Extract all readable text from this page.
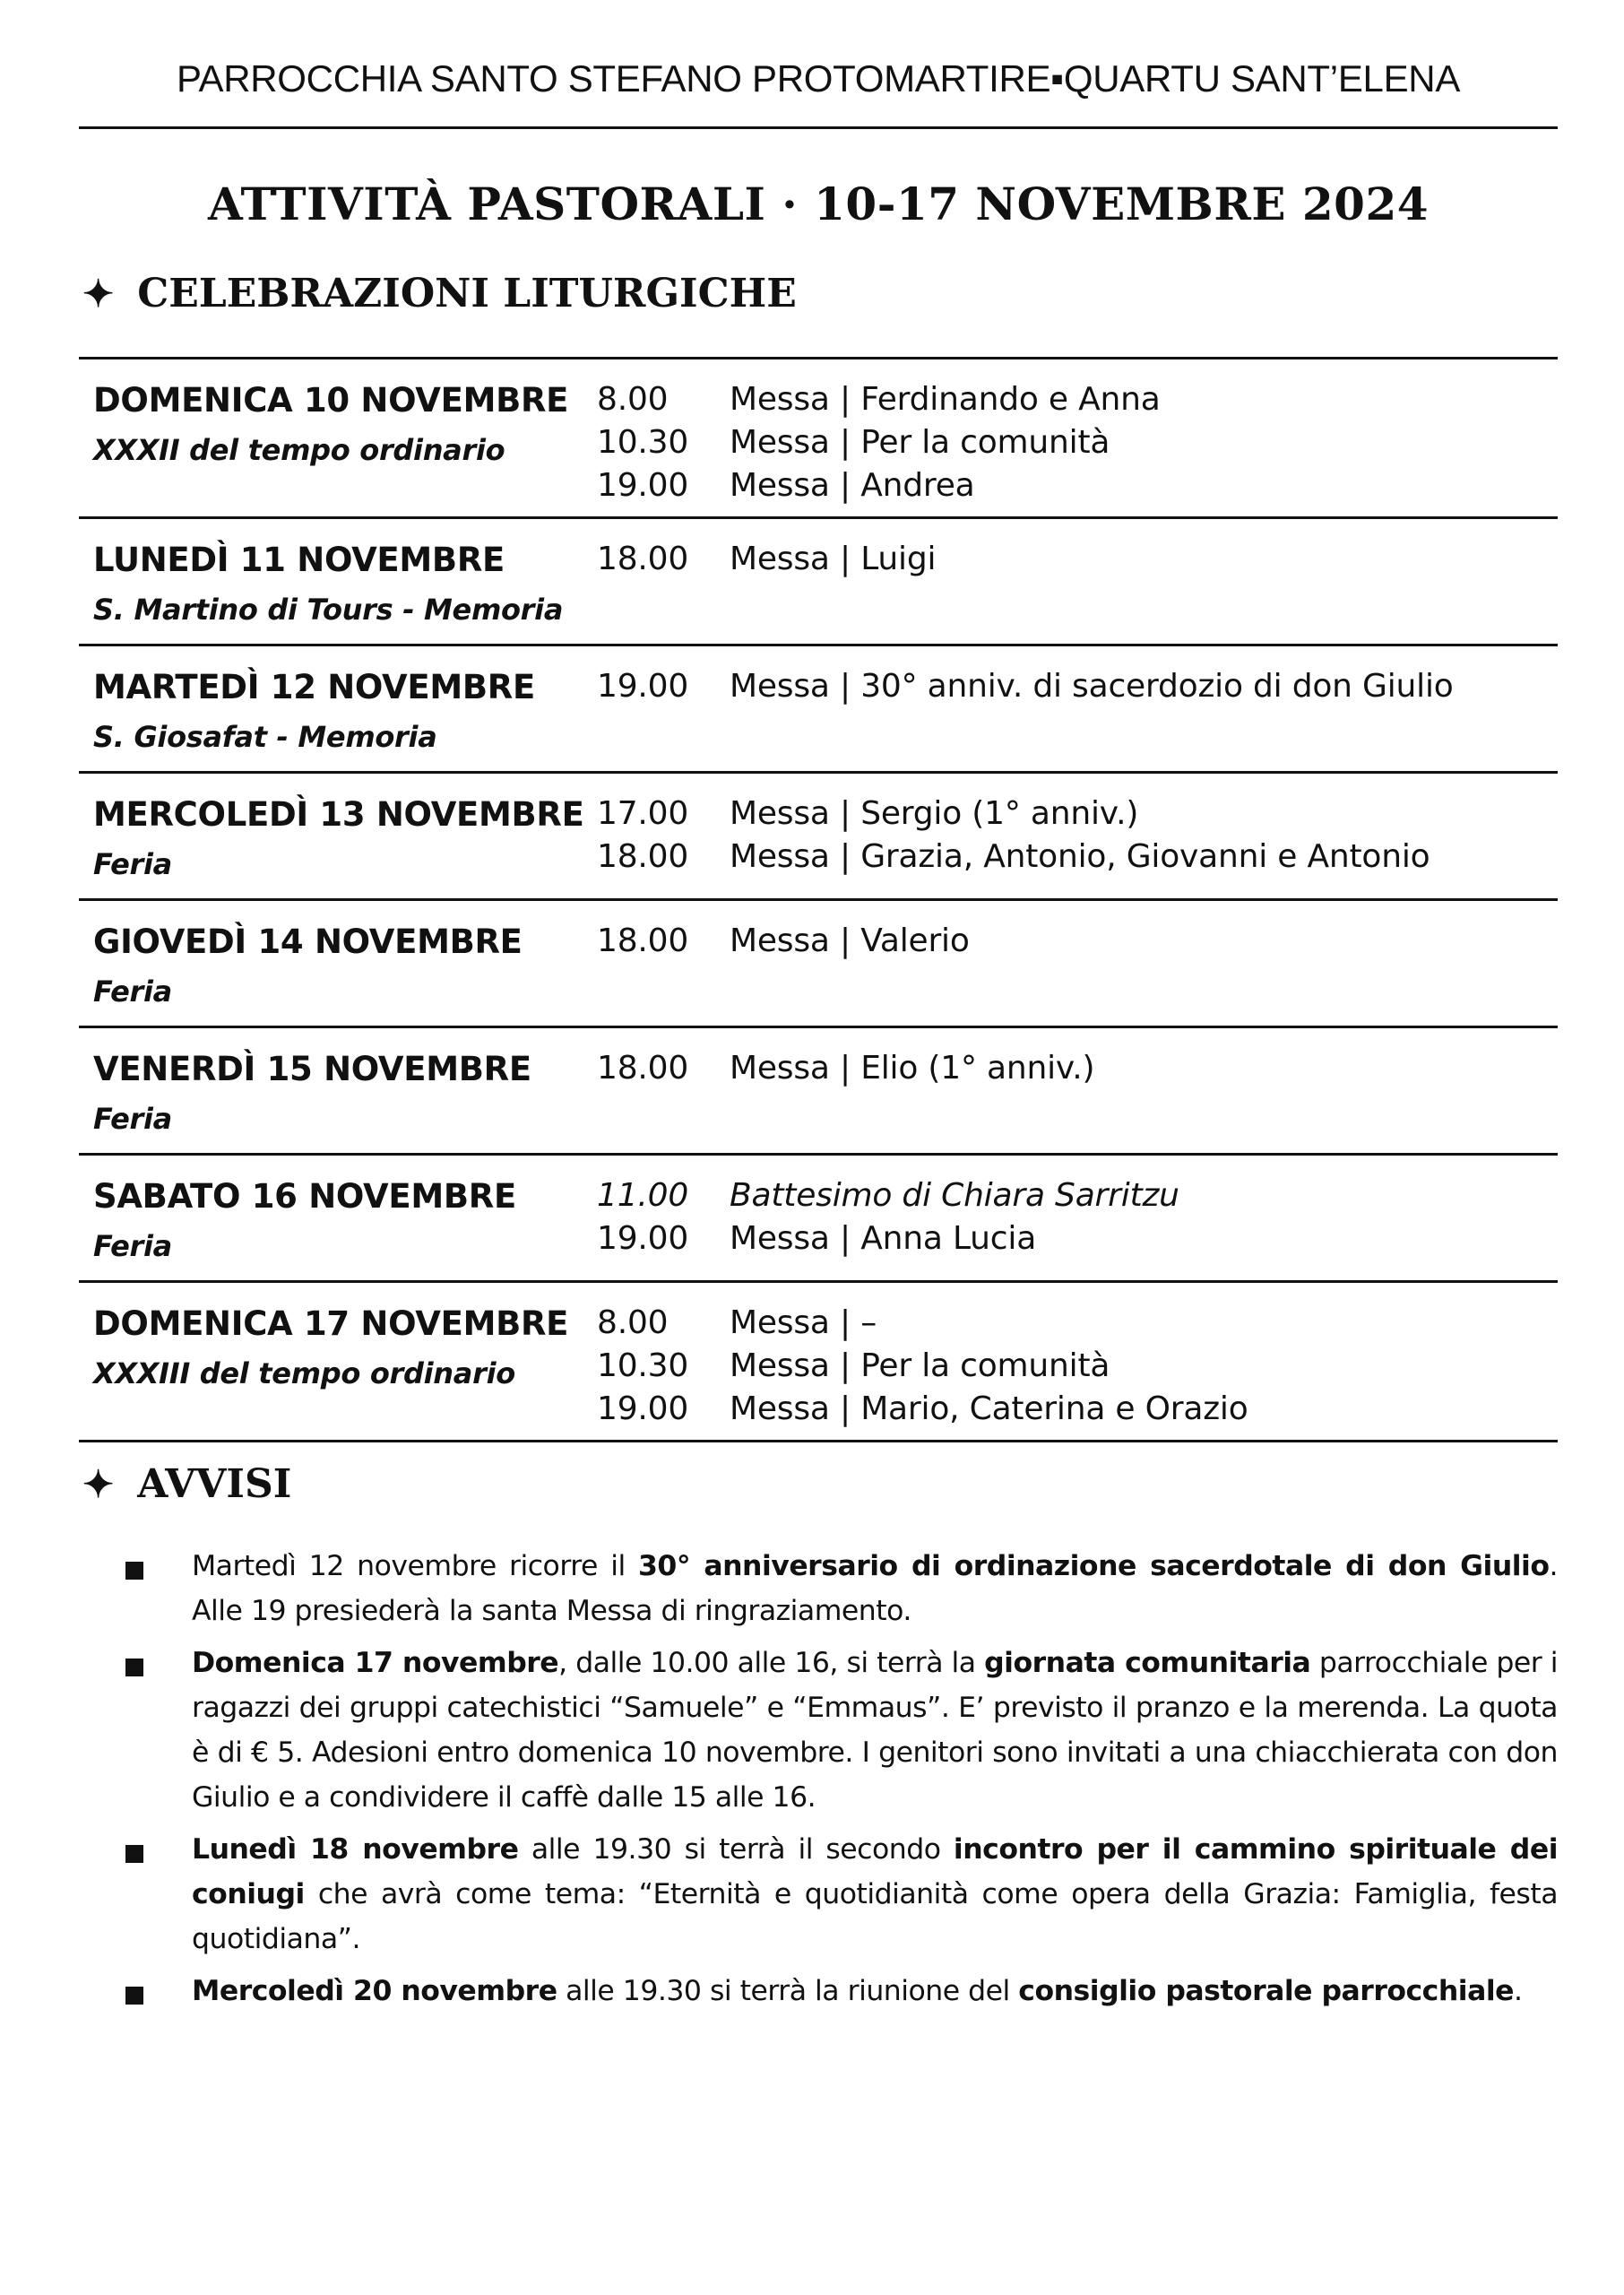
PARROCCHIA SANTO STEFANO PROTOMARTIRE▪QUARTU SANT’ELENA
ATTIVITÀ PASTORALI · 10-17 NOVEMBRE 2024
✦ CELEBRAZIONI LITURGICHE
DOMENICA 10 NOVEMBRE
XXXII del tempo ordinario
8.00	Messa | Ferdinando e Anna
10.30	Messa | Per la comunità
19.00	Messa | Andrea
LUNEDÌ 11 NOVEMBRE
S. Martino di Tours - Memoria
18.00	Messa | Luigi
MARTEDÌ 12 NOVEMBRE
S. Giosafat - Memoria
19.00	Messa | 30° anniv. di sacerdozio di don Giulio
MERCOLEDÌ 13 NOVEMBRE
Feria
17.00	Messa | Sergio (1° anniv.)
18.00	Messa | Grazia, Antonio, Giovanni e Antonio
GIOVEDÌ 14 NOVEMBRE
Feria
18.00	Messa | Valerio
VENERDÌ 15 NOVEMBRE
Feria
18.00	Messa | Elio (1° anniv.)
SABATO 16 NOVEMBRE
Feria
11.00	Battesimo di Chiara Sarritzu
19.00	Messa | Anna Lucia
DOMENICA 17 NOVEMBRE
XXXIII del tempo ordinario
8.00	Messa | –
10.30	Messa | Per la comunità
19.00	Messa | Mario, Caterina e Orazio
✦ AVVISI
Martedì 12 novembre ricorre il 30° anniversario di ordinazione sacerdotale di don Giulio. Alle 19 presiederà la santa Messa di ringraziamento.
Domenica 17 novembre, dalle 10.00 alle 16, si terrà la giornata comunitaria parrocchiale per i ragazzi dei gruppi catechistici “Samuele” e “Emmaus”. E’ previsto il pranzo e la merenda. La quota è di € 5. Adesioni entro domenica 10 novembre. I genitori sono invitati a una chiacchierata con don Giulio e a condividere il caffè dalle 15 alle 16.
Lunedì 18 novembre alle 19.30 si terrà il secondo incontro per il cammino spirituale dei coniugi che avrà come tema: “Eternità e quotidianità come opera della Grazia: Famiglia, festa quotidiana”.
Mercoledì 20 novembre alle 19.30 si terrà la riunione del consiglio pastorale parrocchiale.
